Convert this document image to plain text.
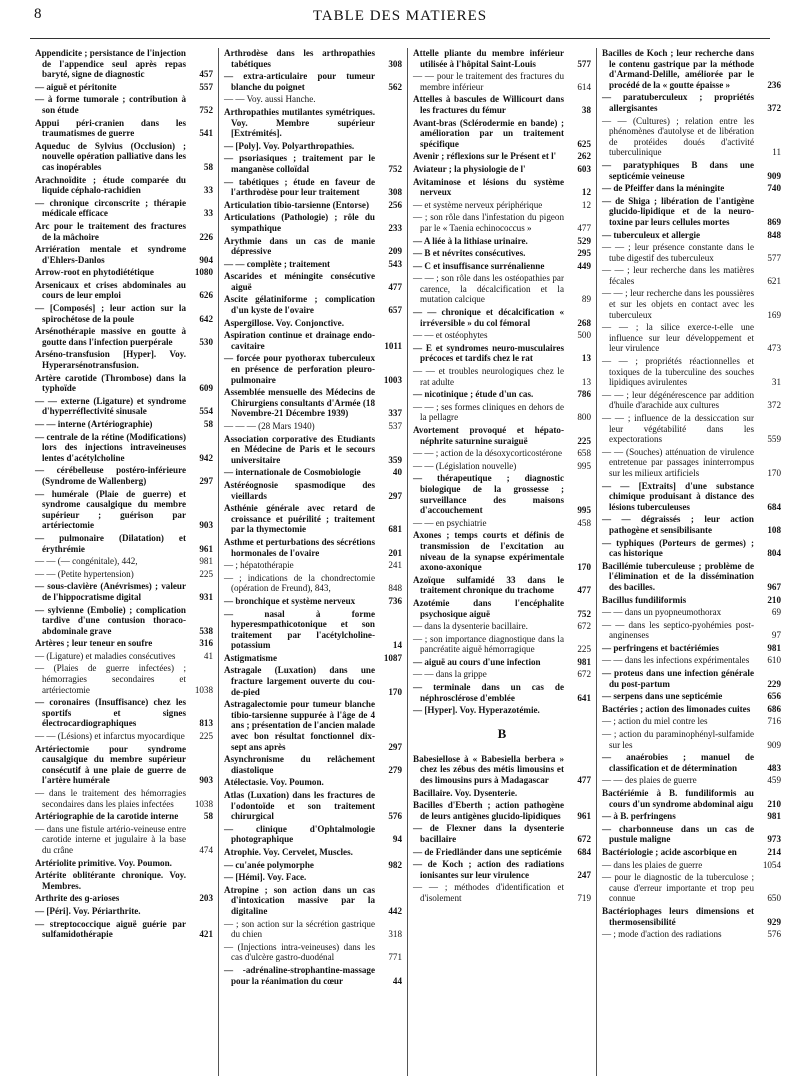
8	TABLE DES MATIERES
Appendicite ; persistance de l'injection de l'appendice seul après repas baryté, signe de diagnostic	457
— aiguë et péritonite	557
— à forme tumorale ; contribution à son étude	752
Appui péri-cranien dans les traumatismes de guerre	541
Aqueduc de Sylvius (Occlusion) ; nouvelle opération palliative dans les cas inopérables	58
Arachnoïdite ; étude comparée du liquide céphalo-rachidien	33
— chronique circonscrite ; thérapie médicale efficace	33
Arc pour le traitement des fractures de la mâchoire	226
Arriération mentale et syndrome d'Ehlers-Danlos	904
Arrow-root en phytodiététique	1080
Arsenicaux et crises abdominales au cours de leur emploi	626
— [Composés] ; leur action sur la spirochétose de la poule	642
Arsénothérapie massive en goutte à goutte dans l'infection puerpérale	530
Arséno-transfusion [Hyper]. Voy. Hyperarsénotransfusion.
Artère carotide (Thrombose) dans la typhoïde	609
— — externe (Ligature) et syndrome d'hyperréflectivité sinusale	554
— — interne (Artériographie)	58
— centrale de la rétine (Modifications) lors des injections intraveineuses lentes d'acétylcholine	942
— cérébelleuse postéro-inférieure (Syndrome de Wallenberg)	297
— humérale (Plaie de guerre) et syndrome causalgique du membre supérieur ; guérison par artériectomie	903
— pulmonaire (Dilatation) et érythrémie	961
— — (— congénitale), 442,	981
— — (Petite hypertension)	225
— sous-clavière (Anévrismes) ; valeur de l'hippocratisme digital	931
— sylvienne (Embolie) ; complication tardive d'une contusion thoraco-abdominale grave	538
Artères ; leur teneur en soufre	316
— (Ligature) et maladies consécutives	41
— (Plaies de guerre infectées) ; hémorragies secondaires et artériectomie	1038
— coronaires (Insuffisance) chez les sportifs et signes électrocardiographiques	813
— — (Lésions) et infarctus myocardique	225
Artériectomie pour syndrome causalgique du membre supérieur consécutif à une plaie de guerre de l'artère humérale	903
— dans le traitement des hémorragies secondaires dans les plaies infectées	1038
Artériographie de la carotide interne	58
— dans une fistule artério-veineuse entre carotide interne et jugulaire à la base du crâne	474
Artériolite primitive. Voy. Poumon.
Artérite oblitérante chronique. Voy. Membres.
Arthrite des ɡ-arioses	203
— [Péri]. Voy. Périarthrite.
— streptococcique aiguë guérie par sulfamidothérapie	421
Arthrodèse dans les arthropathies tabétiques	308
— extra-articulaire pour tumeur blanche du poignet	562
— — Voy. aussi Hanche.
Arthropathies mutilantes symétriques. Voy. Membre supérieur [Extrémités].
— [Poly]. Voy. Polyarthropathies.
— psoriasiques ; traitement par le manganèse colloïdal	752
— tabétiques ; étude en faveur de l'arthrodèse pour leur traitement	308
Articulation tibio-tarsienne (Entorse)	256
Articulations (Pathologie) ; rôle du sympathique	233
Arythmie dans un cas de manie dépressive	209
— — complète ; traitement	543
Ascarides et méningite consécutive aiguë	477
Ascite gélatiniforme ; complication d'un kyste de l'ovaire	657
Aspergillose. Voy. Conjonctive.
Aspiration continue et drainage endo-cavitaire	1011
— forcée pour pyothorax tuberculeux en présence de perforation pleuro-pulmonaire	1003
Assemblée mensuelle des Médecins de Chirurgiens consultants d'Armée (18 Novembre-21 Décembre 1939)	337
— — — (28 Mars 1940)	537
Association corporative des Etudiants en Médecine de Paris et le secours universitaire	359
— internationale de Cosmobiologie	40
Astéréognosie spasmodique des vieillards	297
Asthénie générale avec retard de croissance et puérilité ; traitement par la thymectomie	681
Asthme et perturbations des sécrétions hormonales de l'ovaire	201
— ; hépatothérapie	241
— ; indications de la chondrectomie (opération de Freund), 843,	848
— bronchique et système nerveux	736
— nasal à forme hyperesmpathicotonique et son traitement par l'acétylcholine-potassium	14
Astigmatisme	1087
Astragale (Luxation) dans une fracture largement ouverte du cou-de-pied	170
Astragalectomie pour tumeur blanche tibio-tarsienne suppurée à l'âge de 4 ans ; présentation de l'ancien malade avec bon résultat fonctionnel dix-sept ans après	297
Asynchronisme du relâchement diastolique	279
Atélectasie. Voy. Poumon.
Atlas (Luxation) dans les fractures de l'odontoïde et son traitement chirurgical	576
— clinique d'Ophtalmologie photographique	94
Atrophie. Voy. Cervelet, Muscles.
— cu'anée polymorphe	982
— [Hémi]. Voy. Face.
Atropine ; son action dans un cas d'intoxication massive par la digitaline	442
— ; son action sur la sécrétion gastrique du chien	318
— (Injections intra-veineuses) dans les cas d'ulcère gastro-duodénal	771
— -adrénaline-strophantine-massage pour la réanimation du cœur	44
Attelle pliante du membre inférieur utilisée à l'hôpital Saint-Louis	577
— — pour le traitement des fractures du membre inférieur	614
Attelles à bascules de Willicourt dans les fractures du fémur	38
Avant-bras (Sclérodermie en bande) ; amélioration par un traitement spécifique	625
Avenir ; réflexions sur le Présent et l'	262
Aviateur ; la physiologie de l'	603
Avitaminose et lésions du système nerveux	12
— et système nerveux périphérique	12
— ; son rôle dans l'infestation du pigeon par le « Taenia echinococcus »	477
— A liée à la lithiase urinaire.	529
— B et névrites consécutives.	295
— C et insuffisance surrénalienne	449
— — ; son rôle dans les ostéopathies par carence, la décalcification et la mutation calcique	89
— — chronique et décalcification « irréversible » du col fémoral	268
— — et ostéophytes	500
— E et syndromes neuro-musculaires précoces et tardifs chez le rat	13
— — et troubles neurologiques chez le rat adulte	13
— nicotinique ; étude d'un cas.	786
— — ; ses formes cliniques en dehors de la pellagre	800
Avortement provoqué et hépato-néphrite saturnine suraiguë	225
— — ; action de la désoxycorticostérone	658
— — (Législation nouvelle)	995
— thérapeutique ; diagnostic biologique de la grossesse ; surveillance des maisons d'accouchement	995
— — en psychiatrie	458
Axones ; temps courts et définis de transmission de l'excitation au niveau de la synapse expérimentale axono-axonique	170
Azoïque sulfamidé 33 dans le traitement chronique du trachome	477
Azotémie dans l'encéphalite psychosique aiguë	752
— dans la dysenterie bacillaire.	672
— ; son importance diagnostique dans la pancréatite aiguë hémorragique	225
— aiguë au cours d'une infection	981
— — dans la grippe	672
— terminale dans un cas de néphrosclérose d'emblée	641
— [Hyper]. Voy. Hyperazotémie.
B
Babesiellose à « Babesiella berbera » chez les zébus des métis limousins et des limousins purs à Madagascar	477
Bacillaire. Voy. Dysenterie.
Bacilles d'Eberth ; action pathogène de leurs antigènes glucido-lipidiques	961
— de Flexner dans la dysenterie bacillaire	672
— de Friedländer dans une septicémie	684
— de Koch ; action des radiations ionisantes sur leur virulence	247
— — ; méthodes d'identification et d'isolement	719
Bacilles de Koch ; leur recherche dans le contenu gastrique par la méthode d'Armand-Delille, améliorée par le procédé de la « goutte épaisse »	236
— paratuberculeux ; propriétés allergisantes	372
— — (Cultures) ; relation entre les phénomènes d'autolyse et de libération de protéides doués d'activité tuberculinique	11
— paratyphiques B dans une septicémie veineuse	909
— de Pfeiffer dans la méningite	740
— de Shiga ; libération de l'antigène glucido-lipidique et de la neuro-toxine par leurs cellules mortes	869
— tuberculeux et allergie	848
— — ; leur présence constante dans le tube digestif des tuberculeux	577
— — ; leur recherche dans les matières fécales	621
— — ; leur recherche dans les poussières et sur les objets en contact avec les tuberculeux	169
— — ; la silice exerce-t-elle une influence sur leur développement et leur virulence	473
— — ; propriétés réactionnelles et toxiques de la tuberculine des souches lipidiques avirulentes	31
— — ; leur dégénérescence par addition d'huile d'arachide aux cultures	372
— — ; influence de la dessiccation sur leur végétabilité dans les expectorations	559
— — (Souches) atténuation de virulence entretenue par passages ininterrompus sur les milieux artificiels	170
— — [Extraits] d'une substance chimique produisant à distance des lésions tuberculeuses	684
— — dégraissés ; leur action pathogène et sensibilisante	108
— typhiques (Porteurs de germes) ; cas historique	804
Bacillémie tuberculeuse ; problème de l'élimination et de la dissémination des bacilles.	967
Bacillus fundiliformis	210
— — dans un pyopneumothorax	69
— — dans les septico-pyohémies post-anginenses	97
— perfringens et bactériémies	981
— — dans les infections expérimentales	610
— proteus dans une infection générale du post-partum	229
— serpens dans une septicémie	656
Bactéries ; action des limonades cuites	686
— ; action du miel contre les	716
— ; action du paraminophényl-sulfamide sur les	909
— anaérobies ; manuel de classification et de détermination	483
— — des plaies de guerre	459
Bactériémie à B. fundiliformis au cours d'un syndrome abdominal aigu	210
— à B. perfringens	981
— charbonneuse dans un cas de pustule maligne	973
Bactériologie ; acide ascorbique en	214
— dans les plaies de guerre	1054
— pour le diagnostic de la tuberculose ; cause d'erreur importante et trop peu connue	650
Bactériophages leurs dimensions et thermosensibilité	929
— ; mode d'action des radiations	576
